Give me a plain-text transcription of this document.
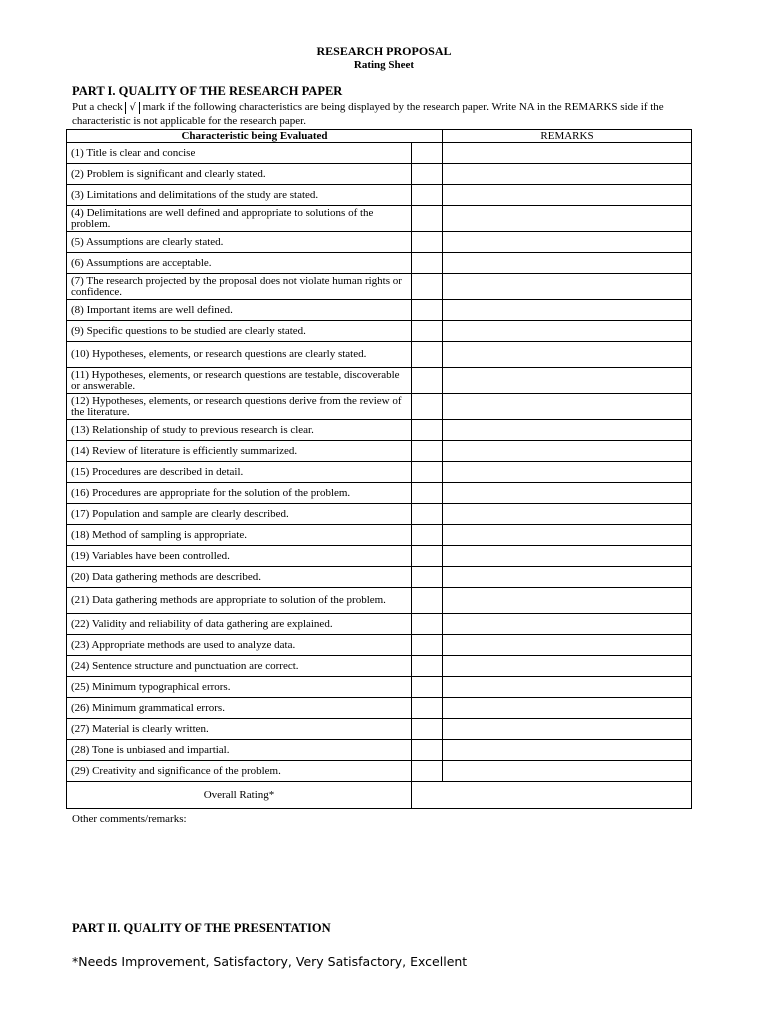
RESEARCH PROPOSAL
Rating Sheet
PART I. QUALITY OF THE RESEARCH PAPER
Put a check √ mark if the following characteristics are being displayed by the research paper. Write NA in the REMARKS side if the characteristic is not applicable for the research paper.
Characteristic being Evaluated		REMARKS
(1) Title is clear and concise		
(2) Problem is significant and clearly stated.		
(3) Limitations and delimitations of the study are stated.		
(4) Delimitations are well defined and appropriate to solutions of the problem.		
(5) Assumptions are clearly stated.		
(6) Assumptions are acceptable.		
(7) The research projected by the proposal does not violate human rights or confidence.		
(8) Important items are well defined.		
(9) Specific questions to be studied are clearly stated.		
(10) Hypotheses, elements, or research questions are clearly stated.		
(11) Hypotheses, elements, or research questions are testable, discoverable or answerable.		
(12) Hypotheses, elements, or research questions derive from the review of the literature.		
(13) Relationship of study to previous research is clear.		
(14) Review of literature is efficiently summarized.		
(15) Procedures are described in detail.		
(16) Procedures are appropriate for the solution of the problem.		
(17) Population and sample are clearly described.		
(18) Method of sampling is appropriate.		
(19) Variables have been controlled.		
(20) Data gathering methods are described.		
(21) Data gathering methods are appropriate to solution of the problem.		
(22) Validity and reliability of data gathering are explained.		
(23) Appropriate methods are used to analyze data.		
(24) Sentence structure and punctuation are correct.		
(25) Minimum typographical errors.		
(26) Minimum grammatical errors.		
(27) Material is clearly written.		
(28) Tone is unbiased and impartial.		
(29) Creativity and significance of the problem.		
Overall Rating*		
Other comments/remarks:
PART II. QUALITY OF THE PRESENTATION
*Needs Improvement, Satisfactory, Very Satisfactory, Excellent
